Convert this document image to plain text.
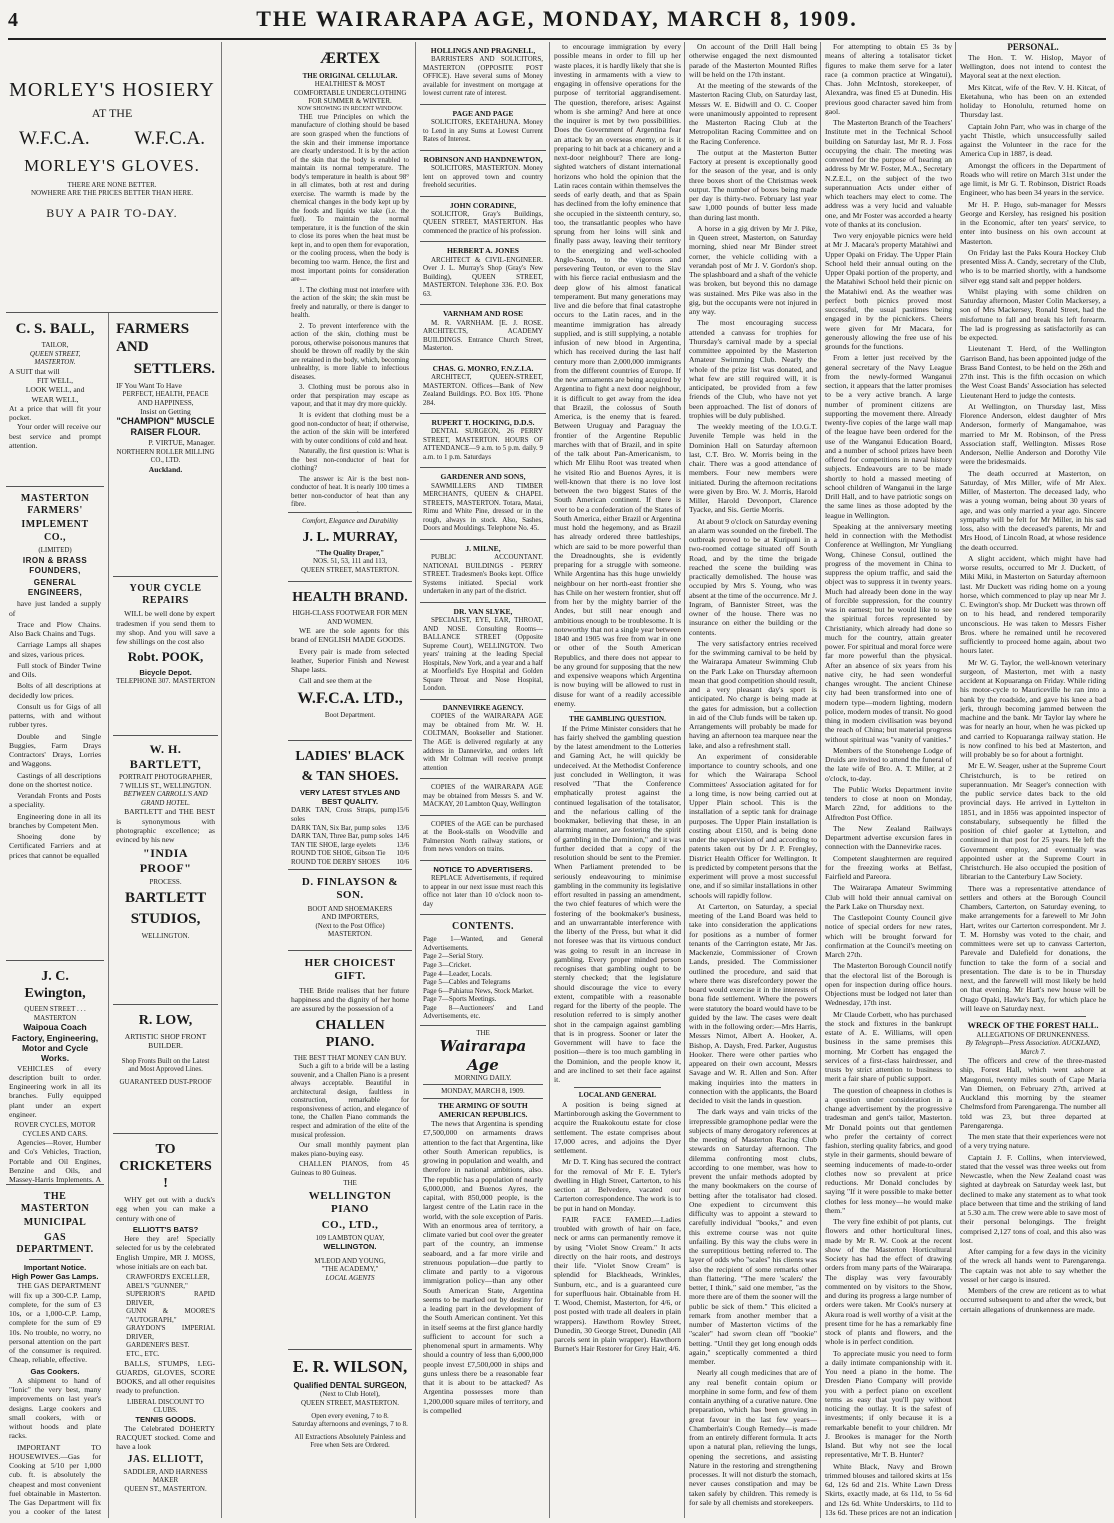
4	THE WAIRARAPA AGE, MONDAY, MARCH 8, 1909.
MORLEY'S HOSIERY
AT THE
W.F.C.A. W.F.C.A.
MORLEY'S GLOVES.
THERE ARE NONE BETTER.
NOWHERE ARE THE PRICES BETTER THAN HERE.
BUY A PAIR TO-DAY.
C. S. BALL,
TAILOR,
QUEEN STREET, MASTERTON.
A SUIT that will
FIT WELL,
LOOK WELL, and
WEAR WELL,
At a price that will fit your pocket.

Your order will receive our best service and prompt attention.

MASTERTON FARMERS'
IMPLEMENT CO.,
(LIMITED)
IRON & BRASS FOUNDERS,
GENERAL ENGINEERS,

have just landed a supply of

Trace and Plow Chains. Also Back Chains and Tugs.

Carriage Lamps all shapes and sizes, various prices.

Full stock of Binder Twine and Oils.

Bolts of all descriptions at decidedly low prices.

Consult us for Gigs of all patterns, with and without rubber tyres.

Double and Single Buggies, Farm Drays Contractors' Drays, Lorries and Waggons.

Castings of all descriptions done on the shortest notice.

Verandah Fronts and Posts a speciality.

Engineering done in all its branches by Competent Men.

Shoeing done by Certificated Farriers and at prices that cannot be equalled

J. C. Ewington,
QUEEN STREET . . . MASTERTON
Waipoua Coach Factory, Engineering, Motor and Cycle Works.

VEHICLES of every description built to order. Engineering work in all its branches. Fully equipped plant under an expert engineer.

ROVER CYCLES, MOTOR CYCLES AND CARS.

Agencies—Rover, Humber and Co's Vehicles, Traction, Portable and Oil Engines, Benzine and Oils, and Massey-Harris Implements. A

THE MASTERTON
MUNICIPAL
GAS DEPARTMENT.
Important Notice.
High Power Gas Lamps.

THE GAS DEPARTMENT will fix up a 300-C.P. Lamp, complete, for the sum of £3 10s, or a 1,000-C.P. Lamp, complete for the sum of £9 10s. No trouble, no worry, no personal attention on the part of the consumer is required. Cheap, reliable, effective.

Gas Cookers.

A shipment to hand of "Ionic" the very best, many improvements on last year's designs. Large cookers and small cookers, with or without hoods and plate racks.

IMPORTANT TO HOUSEWIVES.—Gas for Cooking at 5/10 per 1,000 cub. ft. is absolutely the cheapest and most convenient fuel obtainable in Masterton. The Gas Department will fix you a cooker of the latest

FARMERS AND
SETTLERS.
IF You Want To Have
PERFECT, HEALTH, PEACE AND HAPPINESS,
Insist on Getting
"CHAMPION" MUSCLE RAISER FLOUR.
P. VIRTUE, Manager.
NORTHERN ROLLER MILLING CO., LTD.
Auckland.
YOUR CYCLE REPAIRS

WILL be well done by expert tradesmen if you send them to my shop. And you will save a few shillings on the cost also

Robt. POOK,
Bicycle Depot.
TELEPHONE 307. MASTERTON
W. H. BARTLETT,
PORTRAIT PHOTOGRAPHER,
7 WILLIS ST., WELLINGTON.
BETWEEN CARROLL'S AND GRAND HOTEL.

BARTLETT and THE BEST is synonymous with photographic excellence; as evinced by his new

"INDIA PROOF"
PROCESS.
BARTLETT
STUDIOS,
WELLINGTON.
R. LOW,
ARTISTIC SHOP FRONT BUILDER.
Shop Fronts Built on the Latest and Most Approved Lines.
GUARANTEED DUST-PROOF
TO CRICKETERS !

WHY get out with a duck's egg when you can make a century with one of

ELLIOTT'S BATS?

Here they are! Specially selected for us by the celebrated English Umpire, MR J. MOSS, whose initials are on each bat.

CRAWFORD'S EXCELLER,
ABEL'S "GUNNER,"
SUPERIOR'S RAPID DRIVER,
GUNN & MOORE'S "AUTOGRAPH,"
GRAYDON'S IMPERIAL DRIVER,
GARDENER'S BEST.
ETC., ETC.

BALLS, STUMPS, LEG-GUARDS, GLOVES, SCORE BOOKS, and all other requisites ready to prefunction.

LIBERAL DISCOUNT TO CLUBS.
TENNIS GOODS.

The Celebrated DOHERTY RACQUET stocked. Come and have a look

JAS. ELLIOTT,
SADDLER, AND HARNESS MAKER
QUEEN ST., MASTERTON.
ÆRTEX
THE ORIGINAL CELLULAR.
HEALTHIEST & MOST COMFORTABLE UNDERCLOTHING FOR SUMMER & WINTER.
NOW SHOWING IN RECENT WINDOW.

THE true Principles on which the manufacture of clothing should be based are soon grasped when the functions of the skin and their immense importance are clearly understood. It is by the action of the skin that the body is enabled to maintain its normal temperature. The body's temperature in health is about 98° in all climates, both at rest and during exercise. The warmth is made by the chemical changes in the body kept up by the foods and liquids we take (i.e. the fuel). To maintain the normal temperature, it is the function of the skin to close its pores when the heat must be kept in, and to open them for evaporation, or the cooling process, when the body is becoming too warm. Hence, the first and most important points for consideration are—

1. The clothing must not interfere with the action of the skin; the skin must be freely and naturally, or there is danger to health.

2. To prevent interference with the action of the skin, clothing must be porous, otherwise poisonous manures that should be thrown off readily by the skin are retained in the body, which, becoming unhealthy, is more liable to infectious diseases.

3. Clothing must be porous also in order that perspiration may escape as vapour, and that it may dry more quickly.

It is evident that clothing must be a good non-conductor of heat; if otherwise, the action of the skin will be interfered with by outer conditions of cold and heat.

Naturally, the first question is: What is the best non-conductor of heat for clothing?

The answer is: Air is the best non-conductor of heat. It is nearly 100 times a better non-conductor of heat than any fibre.

Comfort, Elegance and Durability
J. L. MURRAY,
"The Quality Draper,"
NOS. 51, 53, 111 and 113,
QUEEN STREET, MASTERTON.
HEALTH BRAND.
HIGH-CLASS FOOTWEAR FOR MEN AND WOMEN.

WE are the sole agents for this brand of ENGLISH MADE GOODS.

Every pair is made from selected leather, Superior Finish and Newest Shape lasts.

Call and see them at the

W.F.C.A. LTD.,
Boot Department.
LADIES' BLACK
& TAN SHOES.
VERY LATEST STYLES AND BEST QUALITY.
DARK TAN, Cross Straps, pump soles
15/6
DARK TAN, Six Bar, pump soles 13/6
DARK TAN, Three Bar, pump soles 14/6
TAN TIE SHOE, large eyelets	13/6
ROUND TOE SHOE, Gibson Tie 10/6
ROUND TOE DERBY SHOES 10/6
D. FINLAYSON & SON.
BOOT AND SHOEMAKERS
AND IMPORTERS,
(Next to the Post Office)
MASTERTON.
HER CHOICEST GIFT.

THE Bride realises that her future happiness and the dignity of her home are assured by the possession of a

CHALLEN PIANO.
THE BEST THAT MONEY CAN BUY.

Such a gift to a bride will be a lasting souvenir, and a Challen Piano is a present always acceptable. Beautiful in architectural design, faultless in construction, remarkable for responsiveness of action, and elegance of tone, the Challen Piano commands the respect and admiration of the elite of the musical profession.

Our small monthly payment plan makes piano-buying easy.

CHALLEN PIANOS, from 45 Guineas to 80 Guineas.

THE
WELLINGTON PIANO
CO., LTD.,
109 LAMBTON QUAY,
WELLINGTON.
M'LEOD AND YOUNG,
"THE ACADEMY,"
LOCAL AGENTS
E. R. WILSON,
Qualified DENTAL SURGEON,
(Next to Club Hotel),
QUEEN STREET, MASTERTON.
Open every evening, 7 to 8.
Saturday afternoons and evenings, 7 to 8.
All Extractions Absolutely Painless and Free when Sets are Ordered.
HOLLINGS AND PRAGNELL,

BARRISTERS AND SOLICITORS, MASTERTON (OPPOSITE POST OFFICE). Have several sums of Money available for investment on mortgage at lowest current rate of interest.

PAGE AND PAGE

SOLICITORS, EKETAHUNA. Money to Lend in any Sums at Lowest Current Rates of Interest.

ROBINSON AND HANDNEWTON,

SOLICITORS, MASTERTON. Money lent on approved town and country freehold securities.

JOHN CORADINE,

SOLICITOR, Gray's Buildings, QUEEN STREET, MASTERTON. Has commenced the practice of his profession.

HERBERT A. JONES

ARCHITECT & CIVIL-ENGINEER. Over J. L. Murray's Shop (Gray's New Building), QUEEN STREET, MASTERTON. Telephone 336. P.O. Box 63.

VARNHAM AND ROSE

M. R. VARNHAM. [E. J. ROSE. ARCHITECTS, ACADEMY BUILDINGS. Entrance Church Street, Masterton.

CHAS. G. MONRO, F.N.Z.I.A.

ARCHITECT, QUEEN-STREET, MASTERTON. Offices—Bank of New Zealand Buildings. P.O. Box 105. 'Phone 284.

RUPERT T. HOCKING, D.D.S.

DENTAL SURGEON, 26 PERRY STREET, MASTERTON. HOURS OF ATTENDANCE—9 a.m. to 5 p.m. daily. 9 a.m. to 1 p.m. Saturdays

GARDENER AND SONS,

SAWMILLERS AND TIMBER MERCHANTS, QUEEN & CHAPEL STREETS, MASTERTON. Totara, Matai, Rimu and White Pine, dressed or in the rough, always in stock. Also, Sashes, Doors and Mouldings. Telephone No. 45.

J. MILNE,

PUBLIC ACCOUNTANT. NATIONAL BUILDINGS - PERRY STREET. Tradesmen's Books kept. Office Systems initiated. Special work undertaken in any part of the district.

DR. VAN SLYKE,

SPECIALIST, EYE, EAR, THROAT, AND NOSE. Consulting Rooms—BALLANCE STREET (Opposite Supreme Court), WELLINGTON. Two years' training at the leading Special Hospitals, New York, and a year and a half at Moorfield's Eye Hospital and Golden Square Throat and Nose Hospital, London.

DANNEVIRKE AGENCY.

COPIES of the WAIRARAPA AGE may be obtained from Mr. W. H. COLTMAN, Bookseller and Stationer. The AGE is delivered regularly at any address in Dannevirke, and orders left with Mr Coltman will receive prompt attention

COPIES of the WAIRARAPA AGE may be obtained from Messrs S. and W. MACKAY, 20 Lambton Quay, Wellington

COPIES of the AGE can be purchased at the Book-stalls on Woodville and Palmerston North railway stations, or from news vendors on trains.

NOTICE TO ADVERTISERS.

REPLACE Advertisements, if required to appear in our next issue must reach this office not later than 10 o'clock noon to-day

CONTENTS.
Page 1—Wanted, and General Advertisements.
Page 2—Serial Story.
Page 3—Cricket.
Page 4—Leader, Locals.
Page 5—Cables and Telegrams
Page 6—Pahiatua News, Stock Market.
Page 7—Sports Meetings.
Page 8—Auctioneers' and Land Advertisements, etc.
THE
Wairarapa Age
MORNING DAILY.
MONDAY, MARCH 8, 1909.
THE ARMING OF SOUTH AMERICAN REPUBLICS.

The news that Argentina is spending £7,500,000 on armaments draws attention to the fact that Argentina, like other South American republics, is growing in population and wealth, and therefore in national ambitions, also. The republic has a population of nearly 6,000,000, and Buenos Ayres, the capital, with 850,000 people, is the largest centre of the Latin race in the world, with the sole exception of Paris. With an enormous area of territory, a climate varied but cool over the greater part of the country, an immense seaboard, and a far more virile and strenuous population—due partly to climate and partly to a vigorous immigration policy—than any other South American State, Argentina seems to be marked out by destiny for a leading part in the development of the South American continent. Yet this in itself seems at the first glance hardly sufficient to account for such a phenomenal spurt in armaments. Why should a country of less than 6,000,000 people invest £7,500,000 in ships and guns unless there be a reasonable fear that it is about to be attacked? As Argentina possesses more than 1,200,000 square miles of territory, and is compelled

to encourage immigration by every possible means in order to fill up her waste places, it is hardly likely that she is investing in armaments with a view to engaging in offensive operations for the purpose of territorial aggrandisement. The question, therefore, arises: Against whom is she arming? And here at once the inquirer is met by two possibilities. Does the Government of Argentina fear an attack by an overseas enemy, or is it preparing to hit back at a chicanery and a next-door neighbour? There are long-sighted watchers of distant international horizons who hold the opinion that the Latin races contain within themselves the seeds of early death, and that as Spain has declined from the lofty eminence that she occupied in the sixteenth century, so, too, the transatlantic peoples who have sprung from her loins will sink and finally pass away, leaving their territory to the energizing and well-schooled Anglo-Saxon, to the vigorous and persevering Teuton, or even to the Slav with his fierce racial enthusiasm and the deep glow of his almost fanatical temperament. But many generations may live and die before that final catastrophe occurs to the Latin races, and in the meantime immigration has already supplied, and is still supplying, a notable infusion of new blood in Argentina, which has received during the last half century more than 2,000,000 immigrants from the different countries of Europe. If the new armaments are being acquired by Argentina to fight a next door neighbour, it is difficult to get away from the idea that Brazil, the colossus of South America, is the enemy that is feared. Between Uruguay and Paraguay the frontier of the Argentine Republic marches with that of Brazil, and in spite of the talk about Pan-Americanism, to which Mr Elihu Root was treated when he visited Rio and Buenos Ayres, it is well-known that there is no love lost between the two biggest States of the South American continent. If there is ever to be a confederation of the States of South America, either Brazil or Argentina must hold the hegemony, and as Brazil has already ordered three battleships, which are said to be more powerful than the Dreadnoughts, she is evidently preparing for a struggle with someone. While Argentina has this huge unwieldy neighbour on her north-east frontier she has Chile on her western frontier, shut off from her by the mighty barrier of the Andes, but still near enough and ambitious enough to be troublesome. It is noteworthy that not a single year between 1840 and 1905 was free from war in one or other of the South American Republics, and there does not appear to be any ground for supposing that the new and expensive weapons which Argentina is now buying will be allowed to rust in disuse for want of a readily accessible enemy.

THE GAMBLING QUESTION.

If the Prime Minister considers that he has fairly shelved the gambling question by the latest amendment to the Lotteries and Gaming Act, he will quickly be undeceived. At the Methodist Conference just concluded in Wellington, it was resolved "That the Conference emphatically protest against the continued legalisation of the totalisator, and the nefarious calling of the bookmaker, believing that these, in an alarming manner, are fostering the spirit of gambling in the Dominion," and it was further decided that a copy of the resolution should be sent to the Premier. When Parliament pretended to be seriously endeavouring to minimise gambling in the community its legislative effort resulted in passing an amendment, the two chief features of which were the fostering of the bookmaker's business, and an unwarrantable interference with the liberty of the Press, but what it did not foresee was that its virtuous conduct was going to result in an increase in gambling. Every proper minded person recognises that gambling ought to be sternly checked; that the legislature should discourage the vice to every extent, compatible with a reasonable regard for the liberty of the people. The resolution referred to is simply another shot in the campaign against gambling that is in progress. Sooner or later the Government will have to face the position—there is too much gambling in the Dominion, and the people know it, and are inclined to set their face against it.

LOCAL AND GENERAL

A position is being signed at Martinborough asking the Government to acquire the Ruakokoutu estate for close settlement. The estate comprises about 17,000 acres, and adjoins the Dyer settlement.

Mr D. T. King has secured the contract for the removal of Mr F. E. Tyler's dwelling in High Street, Carterton, to his section at Belvedere, vacated our Carterton correspondence. The work is to be put in hand on Monday.

FAIR FACE FAMED.—Ladies troubled with growth of hair on face, neck or arms can permanently remove it by using "Violet Snow Cream." It acts directly on the hair roots, and destroys their life. "Violet Snow Cream" is splendid for Blackheads, Wrinkles, Sunburn, etc., and is a guaranteed cure for superfluous hair. Obtainable from H. T. Wood, Chemist, Masterton, for 4/6, or post posted with trade all dealers in plain wrappers). Hawthorn Rowley Street, Dunedin, 30 George Street, Dunedin (All parcels sent in plain wrapper). Hawthorn Burnet's Hair Restorer for Grey Hair, 4/6.

On account of the Drill Hall being otherwise engaged the next dismounted parade of the Masterton Mounted Rifles will be held on the 17th instant.

At the meeting of the stewards of the Masterton Racing Club, on Saturday last, Messrs W. E. Bidwill and O. C. Cooper were unanimously appointed to represent the Masterton Racing Club at the Metropolitan Racing Committee and on the Racing Conference.

The output at the Masterton Butter Factory at present is exceptionally good for the season of the year, and is only three boxes short of the Christmas week output. The number of boxes being made per day is thirty-two. February last year saw 1,000 pounds of butter less made than during last month.

A horse in a gig driven by Mr J. Pike, in Queen street, Masterton, on Saturday morning, shied near Mr Binder street corner, the vehicle colliding with a verandah post of Mr J. V. Gordon's shop. The splashboard and a shaft of the vehicle was broken, but beyond this no damage was sustained. Mrs Pike was also in the gig, but the occupants were not injured in any way.

The most encouraging success attended a canvass for trophies for Thursday's carnival made by a special committee appointed by the Masterton Amateur Swimming Club. Nearly the whole of the prize list was donated, and what few are still required will, it is anticipated, be provided from a few friends of the Club, who have not yet been approached. The list of donors of trophies will be duly published.

The weekly meeting of the I.O.G.T. Juvenile Temple was held in the Dominion Hall on Saturday afternoon last, C.T. Bro. W. Morris being in the chair. There was a good attendance of members. Four new members were initiated. During the afternoon recitations were given by Bro. W. J. Morris, Harold Miller, Harold Devonport, Clarence Tyacke, and Sis. Gertie Morris.

At about 9 o'clock on Saturday evening an alarm was sounded on the firebell. The outbreak proved to be at Kuripuni in a two-roomed cottage situated off South Road, and by the time the brigade reached the scene the building was practically demolished. The house was occupied by Mrs S. Young, who was absent at the time of the occurrence. Mr J. Ingram, of Bannister Street, was the owner of the house. There was no insurance on either the building or the contents.

The very satisfactory entries received for the swimming carnival to be held by the Wairarapa Amateur Swimming Club on the Park Lake on Thursday afternoon mean that good competition should result, and a very pleasant day's sport is anticipated. No charge is being made at the gates for admission, but a collection in aid of the Club funds will be taken up. Arrangements will probably be made for having an afternoon tea marquee near the lake, and also a refreshment stall.

An experiment of considerable importance to country schools, and one for which the Wairarapa School Committees' Association agitated for for a long time, is now being carried out at Upper Plain school. This is the installation of a septic tank for drainage purposes. The Upper Plain installation is costing about £150, and is being done under the supervision of and according to patents taken out by Dr J. P. Frengley, District Health Officer for Wellington. It is predicted by competent persons that the experiment will prove a most successful one, and if so similar installations in other schools will rapidly follow.

At Carterton, on Saturday, a special meeting of the Land Board was held to take into consideration the applications for positions as a number of former tenants of the Carrington estate, Mr Jas. Mackenzie, Commissioner of Crown Lands, presided. The Commissioner outlined the procedure, and said that where there was disrefcordery power the board would exercise it in the interests of bona fide settlement. Where the powers were statutory the board would have to be guided by the law. The cases were dealt with in the following order:—Mrs Harris, Messrs Nimot, Albert A. Hooker, A. Bishop, A. Daysh, Fred. Parker, Augustus Hooker. There were other parties who appeared on their own account, Messrs Savage and W. R. Allen and Son. After making inquiries into the matters in connection with the applicants, the Board decided to visit the lands in question.

The dark ways and vain tricks of the irrepressible gramophone pedlar were the subjects of many derogatory references at the meeting of Masterton Racing Club stewards on Saturday afternoon. The dilemma confronting most clubs, according to one member, was how to prevent the unfair methods adopted by the many bookmakers on the course of betting after the totalisator had closed. One expedient to circumvent this difficulty was to appoint a steward to carefully individual "books," and even this extreme course was not quite unfailing. By this way the clubs were in the surreptitious betting referred to. The layer of odds who "scales" his clients was also the recipient of some remarks other than flattering. "The mere 'scalers' the better, I think," said one member, "as the more there are of them the sooner will the public be sick of them." This elicited a remark from another member that a number of Masterton victims of the "scaler" had sworn clean off "bookie" betting. "Until they get long enough odds again," sceptically commented a third member.

Nearly all cough medicines that are of any real benefit contain opium or morphine in some form, and few of them contain anything of a curative nature. One preparation, which has been growing in great favour in the last few years—Chamberlain's Cough Remedy—is made from an entirely different formula. It acts upon a natural plan, relieving the lungs, opening the secretions, and assisting Nature in the restoring and strengthening processes. It will not disturb the stomach, never causes constipation and may be taken safely by children. This remedy is for sale by all chemists and storekeepers.

For attempting to obtain £5 3s by means of altering a totalisator ticket figures to make them serve for a later race (a common practice at Wingatui), Chas. John McIntosh, storekeeper, of Alexandra, was fined £5 at Dunedin. His previous good character saved him from gaol.

The Masterton Branch of the Teachers' Institute met in the Technical School building on Saturday last, Mr R. J. Foss occupying the chair. The meeting was convened for the purpose of hearing an address by Mr W. Foster, M.A., Secretary N.Z.E.I., on the subject of the two superannuation Acts under either of which teachers may elect to come. The address was a very lucid and valuable one, and Mr Foster was accorded a hearty vote of thanks at its conclusion.

Two very enjoyable picnics were held at Mr J. Macara's property Matahiwi and Upper Opaki on Friday. The Upper Plain School held their annual outing on the Upper Opaki portion of the property, and the Matahiwi School held their picnic on the Matahiwi end. As the weather was perfect both picnics proved most successful, the usual pastimes being engaged in by the picnickers. Cheers were given for Mr Macara, for generously allowing the free use of his grounds for the functions.

From a letter just received by the general secretary of the Navy League from the newly-formed Wanganui section, it appears that the latter promises to be a very active branch. A large number of prominent citizens are supporting the movement there. Already twenty-five copies of the large wall map of the league have been ordered for the use of the Wanganui Education Board, and a number of school prizes have been offered for competitions in naval history subjects. Endeavours are to be made shortly to hold a massed meeting of school children of Wanganui in the large Drill Hall, and to have patriotic songs on the same lines as those adopted by the league in Wellington.

Speaking at the anniversary meeting held in connection with the Methodist Conference at Wellington, Mr Yungliang Wong, Chinese Consul, outlined the progress of the movement in China to suppress the opium traffic, and said the object was to suppress it in twenty years. Much had already been done in the way of forcible suppression, for the country was in earnest; but he would like to see the spiritual forces represented by Christianity, which already had done so much for the country, attain greater power. For spiritual and moral force were far more powerful than the physical. After an absence of six years from his native city, he had seen wonderful changes wrought. The ancient Chinese city had been transformed into one of modern type—modern lighting, modern police, modern modes of transit. No good thing in modern civilisation was beyond the reach of China; but material progress without spiritual was "vanity of vanities."

Members of the Stonehenge Lodge of Druids are invited to attend the funeral of the late wife of Bro. A. T. Miller, at 2 o'clock, to-day.

The Public Works Department invite tenders to close at noon on Monday, March 22nd, for additions to the Alfredton Post Office.

The New Zealand Railways Department advertise excursion fares in connection with the Dannevirke races.

Competent slaughtermen are required for the freezing works at Belfast, Fairfield and Pareora.

The Wairarapa Amateur Swimming Club will hold their annual carnival on the Park Lake on Thursday next.

The Castlepoint County Council give notice of special orders for new rates, which will be brought forward for confirmation at the Council's meeting on March 27th.

The Masterton Borough Council notify that the electoral list of the Borough is open for inspection during office hours. Objections must be lodged not later than Wednesday, 17th inst.

Mr Claude Corbett, who has purchased the stock and fixtures in the bankrupt estate of A. E. Williams, will open business in the same premises this morning. Mr Corbett has engaged the services of a first-class hairdresser, and trusts by strict attention to business to merit a fair share of public support.

The question of cheapness in clothes is a question under consideration in a change advertisement by the progressive tradesman and gent's tailor, Masterton. Mr Donald points out that gentlemen who prefer the certainty of correct fashion, sterling quality fabrics, and good style in their garments, should beware of seeming inducements of made-to-order clothes now so prevalent at price reductions. Mr Donald concludes by saying "If it were possible to make better clothes for less money—he would make them."

The very fine exhibit of pot plants, cut flowers and other horticultural lines, made by Mr R. W. Cook at the recent show of the Masterton Horticultural Society has had the effect of drawing orders from many parts of the Wairarapa. The display was very favourably commented on by visitors to the Show, and during its progress a large number of orders were taken. Mr Cook's nursery at Akura road is well worthy of a visit at the present time for he has a remarkably fine stock of plants and flowers, and the whole is in perfect condition.

To appreciate music you need to form a daily intimate companionship with it. You need a piano in the home. The Dresden Piano Company will provide you with a perfect piano on excellent terms as easy that you'll pay without noticing the outlay. It is the safest of investments; if only because it is a remarkable benefit to your children. Mr J. Brookes is manager for the North Island. But why not see the local representative, Mr T. B. Hunter?

White Black, Navy and Brown trimmed blouses and tailored skirts at 15s 6d, 12s 6d and 21s. White Lawn Dress Skirts, exactly made, at 6s 11d, to 5s 6d and 12s 6d. White Underskirts, to 11d to 13s 6d. These prices are not an indication

PERSONAL.

The Hon. T. W. Hislop, Mayor of Wellington, does not intend to contest the Mayoral seat at the next election.

Mrs Kitcat, wife of the Rev. V. H. Kitcat, of Eketahuna, who has been on an extended holiday to Honolulu, returned home on Thursday last.

Captain John Parr, who was in charge of the yacht Thistle, which unsuccessfully sailed against the Volunteer in the race for the America Cup in 1887, is dead.

Amongst the officers in the Department of Roads who will retire on March 31st under the age limit, is Mr G. T. Robinson, District Roads Engineer, who has been 34 years in the service.

Mr H. P. Hugo, sub-manager for Messrs George and Kersley, has resigned his position in the Economic, after ten years' service, to enter into business on his own account at Masterton.

On Friday last the Paks Koura Hockey Club presented Miss A. Candy, secretary of the Club, who is to be married shortly, with a handsome silver egg stand salt and pepper holders.

Whilst playing with some children on Saturday afternoon, Master Colin Mackersey, a son of Mrs Mackersey, Ronald Street, had the misfortune to fall and break his left forearm. The lad is progressing as satisfactorily as can be expected.

Lieutenant T. Herd, of the Wellington Garrison Band, has been appointed judge of the Brass Band Contest, to be held on the 26th and 27th inst. This is the fifth occasion on which the West Coast Bands' Association has selected Lieutenant Herd to judge the contests.

At Wellington, on Thursday last, Miss Florence Anderson, eldest daughter of Mrs Anderson, formerly of Mangamahoe, was married to Mr M. Robinson, of the Press Association staff, Wellington. Misses Rose Anderson, Nellie Anderson and Dorothy Vile were the bridesmaids.

The death occurred at Masterton, on Saturday, of Mrs Miller, wife of Mr Alex. Miller, of Masterton. The deceased lady, who was a young woman, being about 30 years of age, and was only married a year ago. Sincere sympathy will be felt for Mr Miller, in his sad loss, also with the deceased's parents, Mr and Mrs Hood, of Lincoln Road, at whose residence the death occurred.

A slight accident, which might have had worse results, occurred to Mr J. Duckett, of Miki Miki, in Masterton on Saturday afternoon last. Mr Duckett was riding home on a young horse, which commenced to play up near Mr J. C. Ewington's shop. Mr Duckett was thrown off on to his head, and rendered temporarily unconscious. He was taken to Messrs Fisher Bros. where he remained until he recovered sufficiently to proceed home again, about two hours later.

Mr W. G. Taylor, the well-known veterinary surgeon, of Masterton, met with a nasty accident at Kopuaranga on Friday. While riding his motor-cycle to Mauriceville he ran into a bank by the roadside, and gave his knee a bad jerk, through becoming jammed between the machine and the bank. Mr Taylor lay where he was for nearly an hour, when he was picked up and carried to Kopuaranga railway station. He is now confined to his bed at Masterton, and will probably be so for about a fortnight.

Mr E. W. Seager, usher at the Supreme Court Christchurch, is to be retired on superannuation. Mr Seager's connection with the public service dates back to the old provincial days. He arrived in Lyttelton in 1851, and in 1856 was appointed inspector of constabulary, subsequently he filled the position of chief gaoler at Lyttelton, and continued in that post for 25 years. He left the Government employ, and eventually was appointed usher at the Supreme Court in Christchurch. He also occupied the position of librarian to the Canterbury Law Society.

There was a representative attendance of settlers and others at the Borough Council Chambers, Carterton, on Saturday evening, to make arrangements for a farewell to Mr John Hart, writes our Carterton correspondent. Mr J. T. M. Hornsby was voted to the chair, and committees were set up to canvass Carterton, Parevale and Dalefield for donations, the function to take the form of a social and presentation. The date is to be in Thursday next, and the farewell will most likely be held on that evening. Mr Hart's new house will be Otago Opaki, Hawke's Bay, for which place he will leave on Saturday next.

WRECK OF THE FOREST HALL.
ALLEGATIONS OF DRUNKENNESS.
By Telegraph—Press Association. AUCKLAND, March 7.

The officers and crew of the three-masted ship, Forest Hall, which went ashore at Maugonui, twenty miles south of Cape Maria Van Diemen, on February 27th, arrived at Auckland this morning by the steamer Chelmsford from Parengarenga. The number all told was 23, but three departed at Parengarenga.

The men state that their experiences were not of a very trying nature.

Captain J. F. Collins, when interviewed, stated that the vessel was three weeks out from Newcastle, when the New Zealand coast was sighted at daybreak on Saturday week last, but declined to make any statement as to what took place between that time and the striking of land at 5.30 a.m. The crew were able to save most of their personal belongings. The freight comprised 2,127 tons of coal, and this also was lost.

After camping for a few days in the vicinity of the wreck all hands went to Parengarenga. The captain was not able to say whether the vessel or her cargo is insured.

Members of the crew are reticent as to what occurred subsequent to and after the wreck, but certain allegations of drunkenness are made.
